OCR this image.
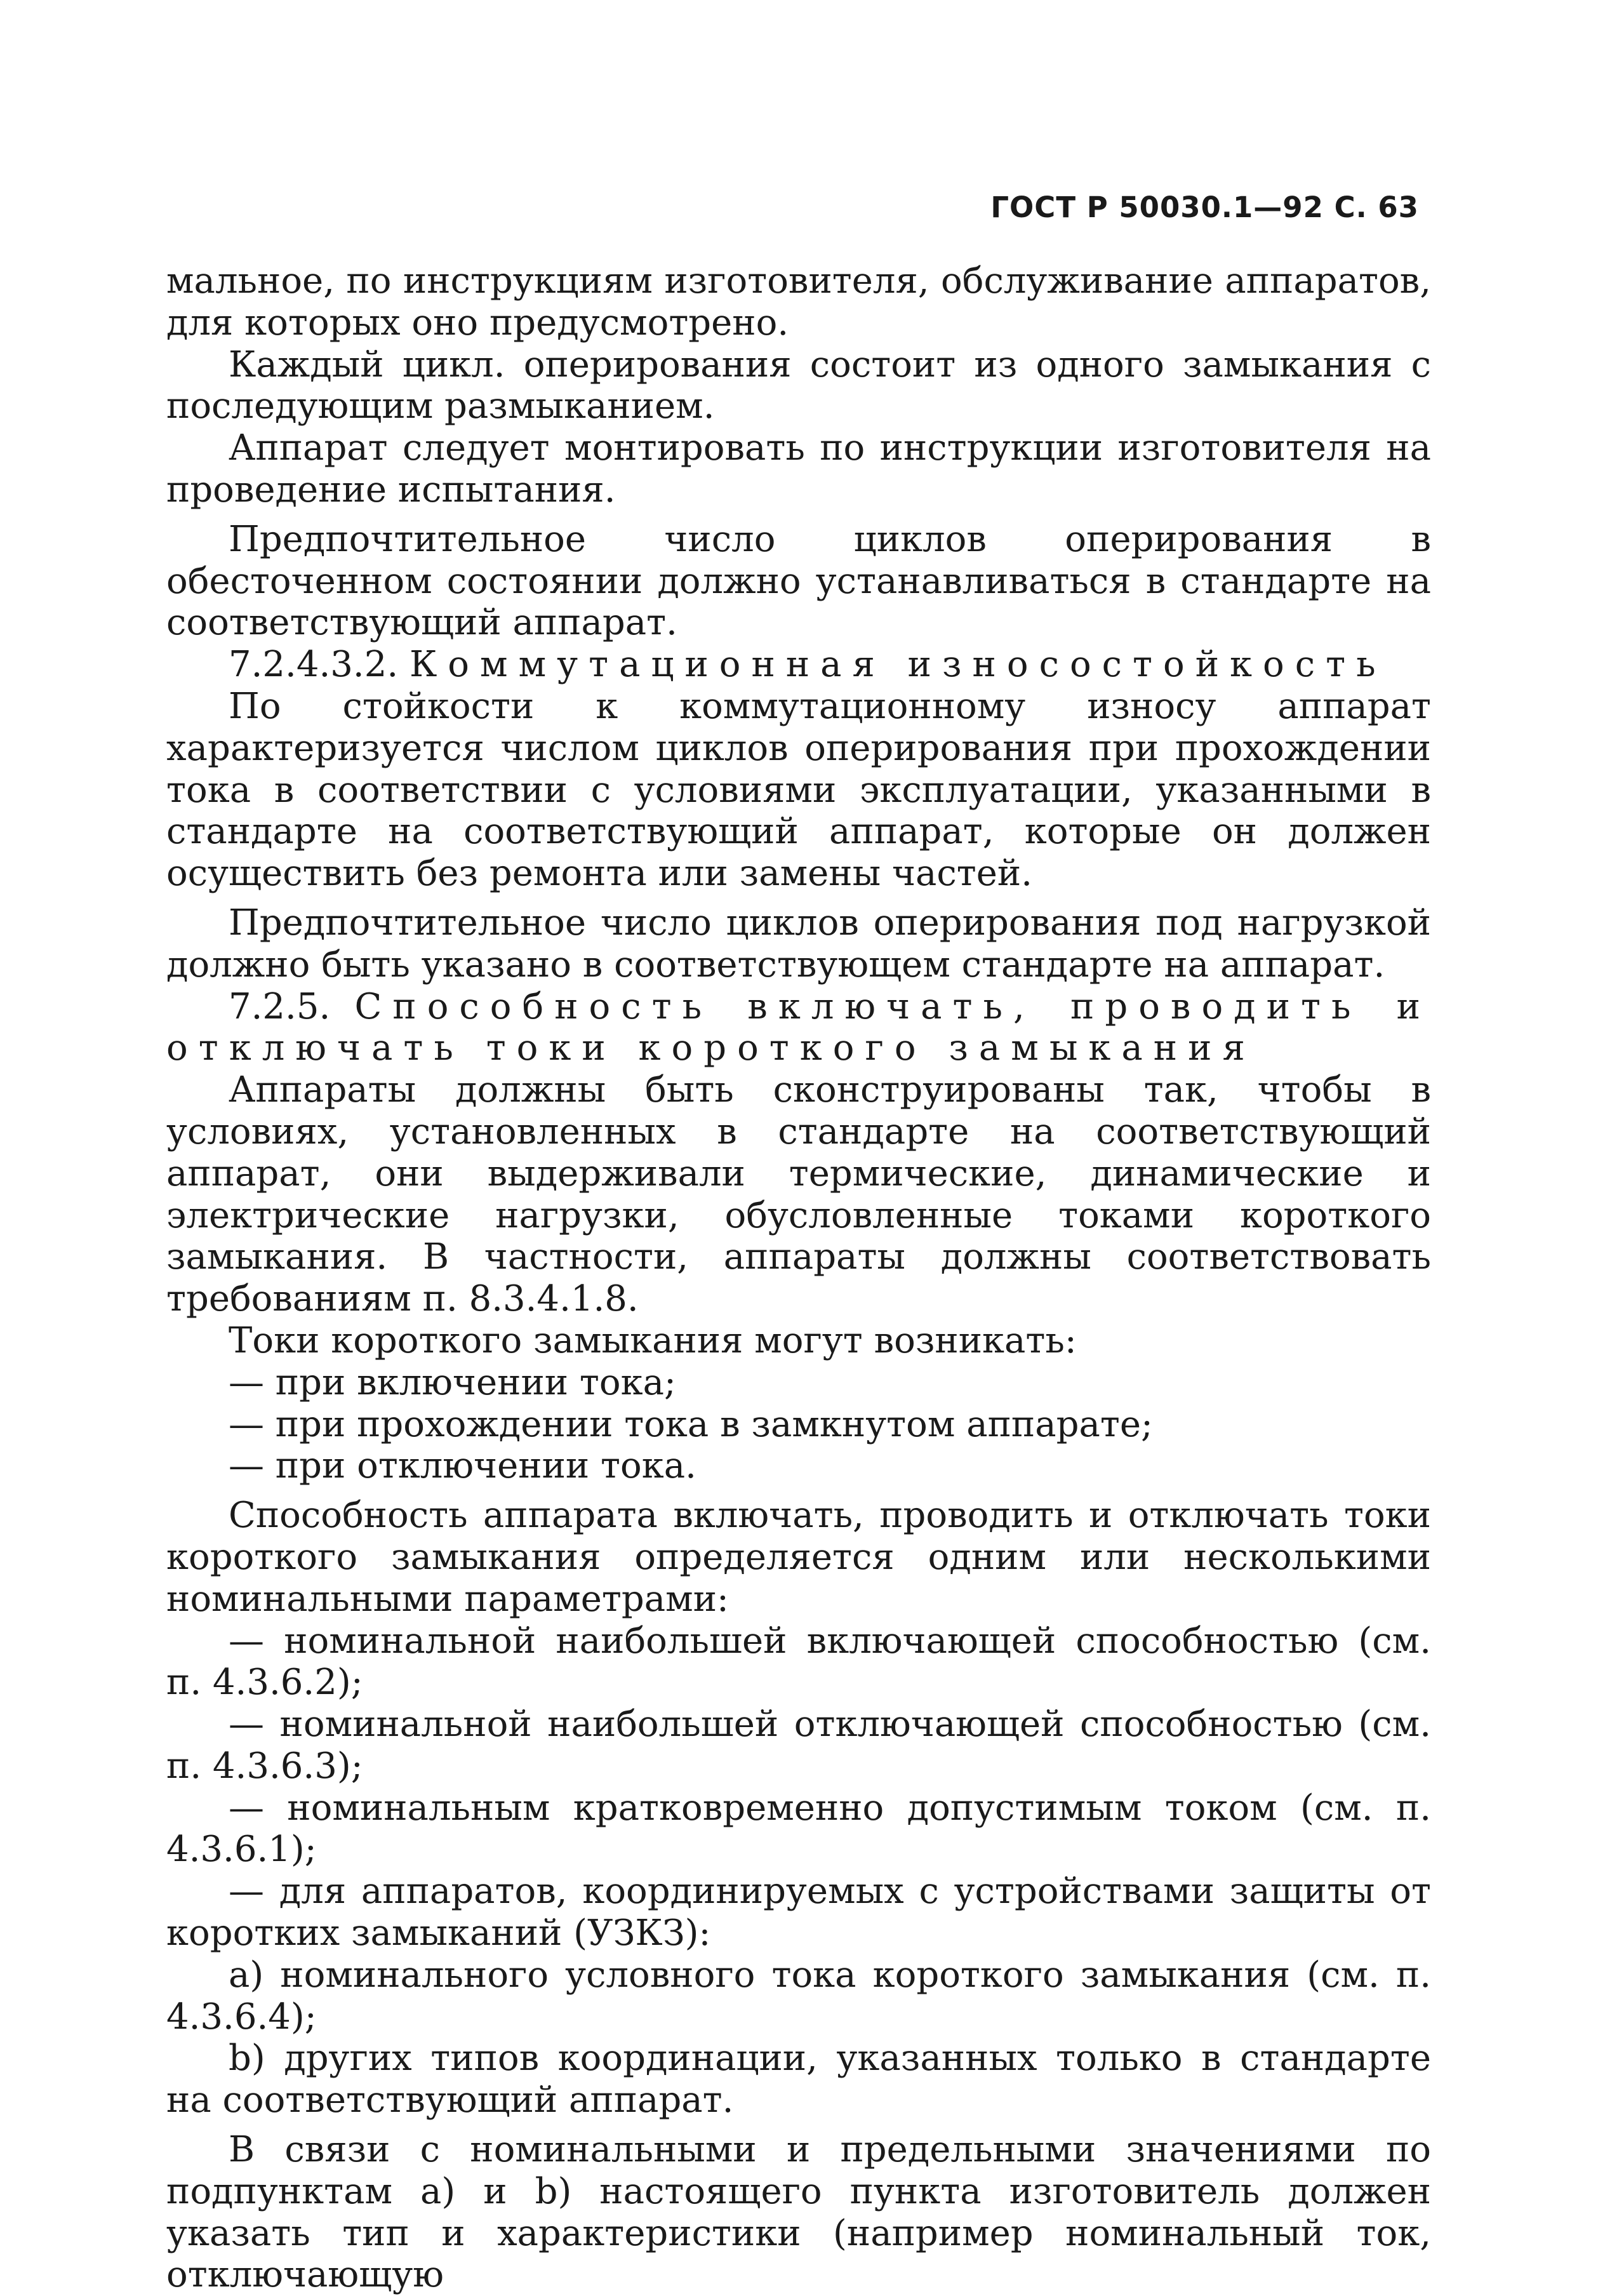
ГОСТ Р 50030.1—92 С. 63

мальное, по инструкциям изготовителя, обслуживание аппаратов, для которых оно предусмотрено.

Каждый цикл. оперирования состоит из одного замыкания с последующим размыканием.

Аппарат следует монтировать по инструкции изготовителя на проведение испытания.

Предпочтительное число циклов оперирования в обесточенном состоянии должно устанавливаться в стандарте на соответствующий аппарат.

7.2.4.3.2. Коммутационная износостойкость

По стойкости к коммутационному износу аппарат характеризуется числом циклов оперирования при прохождении тока в соответствии с условиями эксплуатации, указанными в стандарте на соответствующий аппарат, которые он должен осуществить без ремонта или замены частей.

Предпочтительное число циклов оперирования под нагрузкой должно быть указано в соответствующем стандарте на аппарат.

7.2.5. Способность включать, проводить и отключать токи короткого замыкания

Аппараты должны быть сконструированы так, чтобы в условиях, установленных в стандарте на соответствующий аппарат, они выдерживали термические, динамические и электрические нагрузки, обусловленные токами короткого замыкания. В частности, аппараты должны соответствовать требованиям п. 8.3.4.1.8.

Токи короткого замыкания могут возникать:

— при включении тока;

— при прохождении тока в замкнутом аппарате;

— при отключении тока.

Способность аппарата включать, проводить и отключать токи короткого замыкания определяется одним или несколькими номинальными параметрами:

— номинальной наибольшей включающей способностью (см. п. 4.3.6.2);

— номинальной наибольшей отключающей способностью (см. п. 4.3.6.3);

— номинальным кратковременно допустимым током (см. п. 4.3.6.1);

— для аппаратов, координируемых с устройствами защиты от коротких замыканий (УЗКЗ):

а) номинального условного тока короткого замыкания (см. п. 4.3.6.4);

b) других типов координации, указанных только в стандарте на соответствующий аппарат.

В связи с номинальными и предельными значениями по подпунктам а) и b) настоящего пункта изготовитель должен указать тип и характеристики (например номинальный ток, отключающую
